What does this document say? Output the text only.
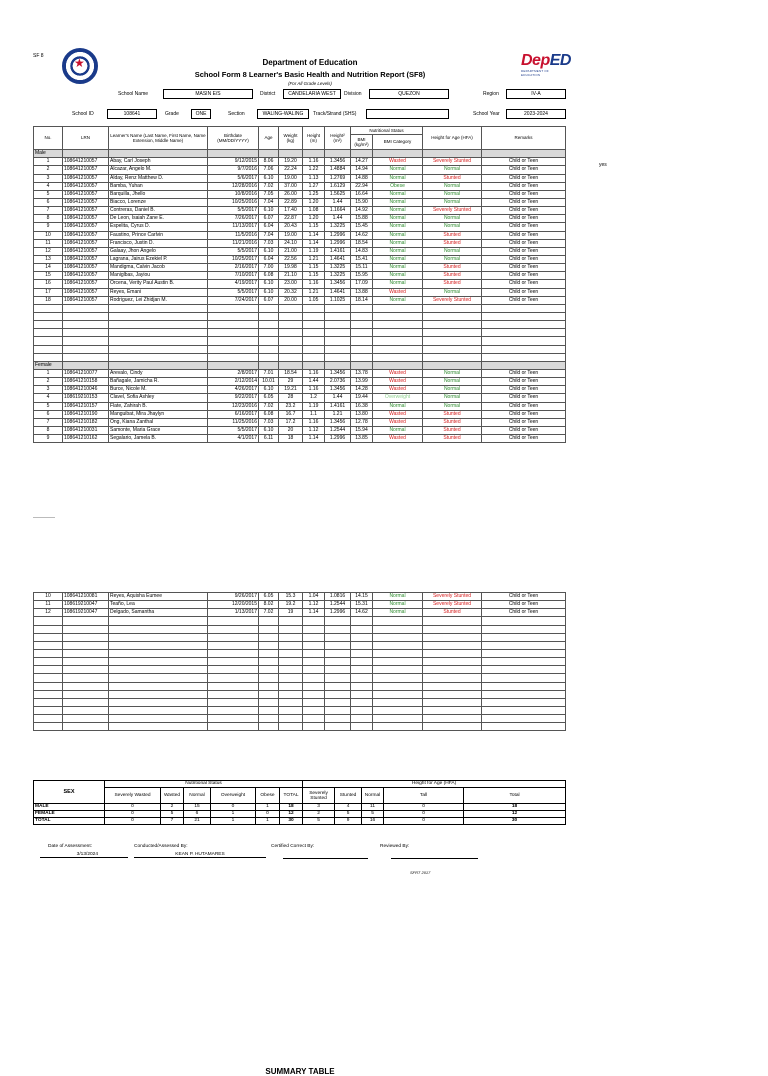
SF 8	★	Department of Education
School Form 8 Learner's Basic Health and Nutrition Report (SF8)
(For All Grade Levels)
DepED
DEPARTMENT OF EDUCATION
School Name	MASIN E/S	District	CANDELARIA WEST	Division	QUEZON	Region	IV-A
School ID	108641	Grade	ONE	Section	WALING-WALING	Track/Strand (SHS)	School Year	2023-2024
yes
No.	LRN	Learner's Name (Last Name, First Name, Name Extension, Middle Name)	Birthdate (MM/DD/YYYY)	Age	Weight (kg)	Height (m)	Height² (m²)	Nutritional Status		Height for Age (HFA)	Remarks
								BMI (kg/m²)	BMI Category		
Male											
1	108641210057	Abay, Carl Joseph	9/12/2015	8.06	19.20	1.16	1.3456	14.27	Wasted	Severely Stunted	Child or Teen
2	108641210057	Alcazar, Angelo M.	9/7/2016	7.06	22.24	1.22	1.4884	14.94	Normal	Normal	Child or Teen
3	108641210057	Alday, Renz Matthew D.	5/6/2017	6.10	19.00	1.13	1.2769	14.88	Normal	Stunted	Child or Teen
4	108641210057	Bamba, Yuhan	12/28/2016	7.02	37.00	1.27	1.6129	22.94	Obese	Normal	Child or Teen
5	108641210057	Barquilla, Jhello	10/8/2016	7.05	26.00	1.25	1.5625	16.64	Normal	Normal	Child or Teen
6	108641210057	Biacco, Lorenze	10/25/2016	7.04	22.89	1.20	1.44	15.90	Normal	Normal	Child or Teen
7	108641210057	Contreras, Daniel B.	5/5/2017	6.10	17.40	1.08	1.1664	14.92	Normal	Severely Stunted	Child or Teen
8	108641210057	De Leon, Isaiah Zane E.	7/26/2017	6.07	22.87	1.20	1.44	15.88	Normal	Normal	Child or Teen
9	108641210057	Espelita, Cyrus D.	11/13/2017	6.04	20.43	1.15	1.3225	15.45	Normal	Normal	Child or Teen
10	108641210057	Faustino, Prince Carlvin	11/5/2016	7.04	19.00	1.14	1.2996	14.62	Normal	Stunted	Child or Teen
11	108641210057	Francisco, Justin D.	11/21/2016	7.03	24.10	1.14	1.2996	18.54	Normal	Stunted	Child or Teen
12	108641210057	Galaay, Jhon Angelo	5/5/2017	6.10	21.00	1.19	1.4161	14.83	Normal	Normal	Child or Teen
13	108641210057	Lagrana, Jairus Ezekiel P.	10/25/2017	6.04	22.56	1.21	1.4641	15.41	Normal	Normal	Child or Teen
14	108641210057	Mandigma, Calvin Jacob	2/16/2017	7.00	19.98	1.15	1.3225	15.11	Normal	Stunted	Child or Teen
15	108641210057	Maniglbas, Jayiou	7/10/2017	6.08	21.10	1.15	1.3225	15.95	Normal	Stunted	Child or Teen
16	108641210057	Orcena, Verity Paul Austin B.	4/19/2017	6.10	23.00	1.16	1.3456	17.09	Normal	Stunted	Child or Teen
17	108641210057	Reyes, Emani	5/5/2017	6.10	20.32	1.21	1.4641	13.88	Wasted	Normal	Child or Teen
18	108641210057	Rodriguez, Lei Zhidjan M.	7/24/2017	6.07	20.00	1.05	1.1025	18.14	Normal	Severely Stunted	Child or Teen

Female											
1	108641210077	Arevalo, Cindy	2/8/2017	7.01	18.54	1.16	1.3456	13.78	Wasted	Normal	Child or Teen
2	108641210158	Bañagale, Jamicha R.	2/12/2014	10.01	29	1.44	2.0736	13.99	Wasted	Normal	Child or Teen
3	108641210046	Burce, Nicole M.	4/26/2017	6.10	19.21	1.16	1.3456	14.28	Wasted	Normal	Child or Teen
4	108619210153	Clavel, Sofia Ashley	9/22/2017	6.05	28	1.2	1.44	19.44	Overweight	Normal	Child or Teen
5	108641210157	Flate, Zahirah B.	12/23/2016	7.02	23.2	1.19	1.4161	16.38	Normal	Normal	Child or Teen
6	108641210190	Manguibat, Mira Jhaylyn	6/16/2017	6.08	16.7	1.1	1.21	13.80	Wasted	Stunted	Child or Teen
7	108641210182	Ong, Kiana Zanthal	11/25/2016	7.03	17.2	1.16	1.3456	12.78	Wasted	Stunted	Child or Teen
8	108641210031	Samonte, Maria Grace	5/5/2017	6.10	20	1.12	1.2544	15.94	Normal	Stunted	Child or Teen
9	108641210162	Segalario, Jamela B.	4/1/2017	6.11	18	1.14	1.2996	13.85	Wasted	Stunted	Child or Teen
10	108641210081	Reyes, Aquisha Eumee	9/26/2017	6.05	15.3	1.04	1.0816	14.15	Normal	Severely Stunted	Child or Teen
11	108619210047	Teaño, Lea	12/20/2015	8.02	19.2	1.12	1.2544	15.31	Normal	Severely Stunted	Child or Teen
12	108619210047	Delgado, Samantha	1/13/2017	7.02	19	1.14	1.2996	14.62	Normal	Stunted	Child or Teen

SUMMARY TABLE
SEX	Nutritional Status						Height for Age (HFA)				
	Severely Wasted	Wasted	Normal	Overweight	Obese	TOTAL	Severely Stunted	Stunted	Normal	Tall	Total
MALE	0	2	15	0	1	18	3	4	11	0	18
FEMALE	0	5	6	1	0	12	2	5	5	0	12
TOTAL	0	7	21	1	1	30	5	9	16	0	30
Date of Assessment:
3/13/2024
Conducted/Assessed By:
KEAN P. HUTAMARES
Certified Correct By:	Reviewed By:
SFRT 2017
